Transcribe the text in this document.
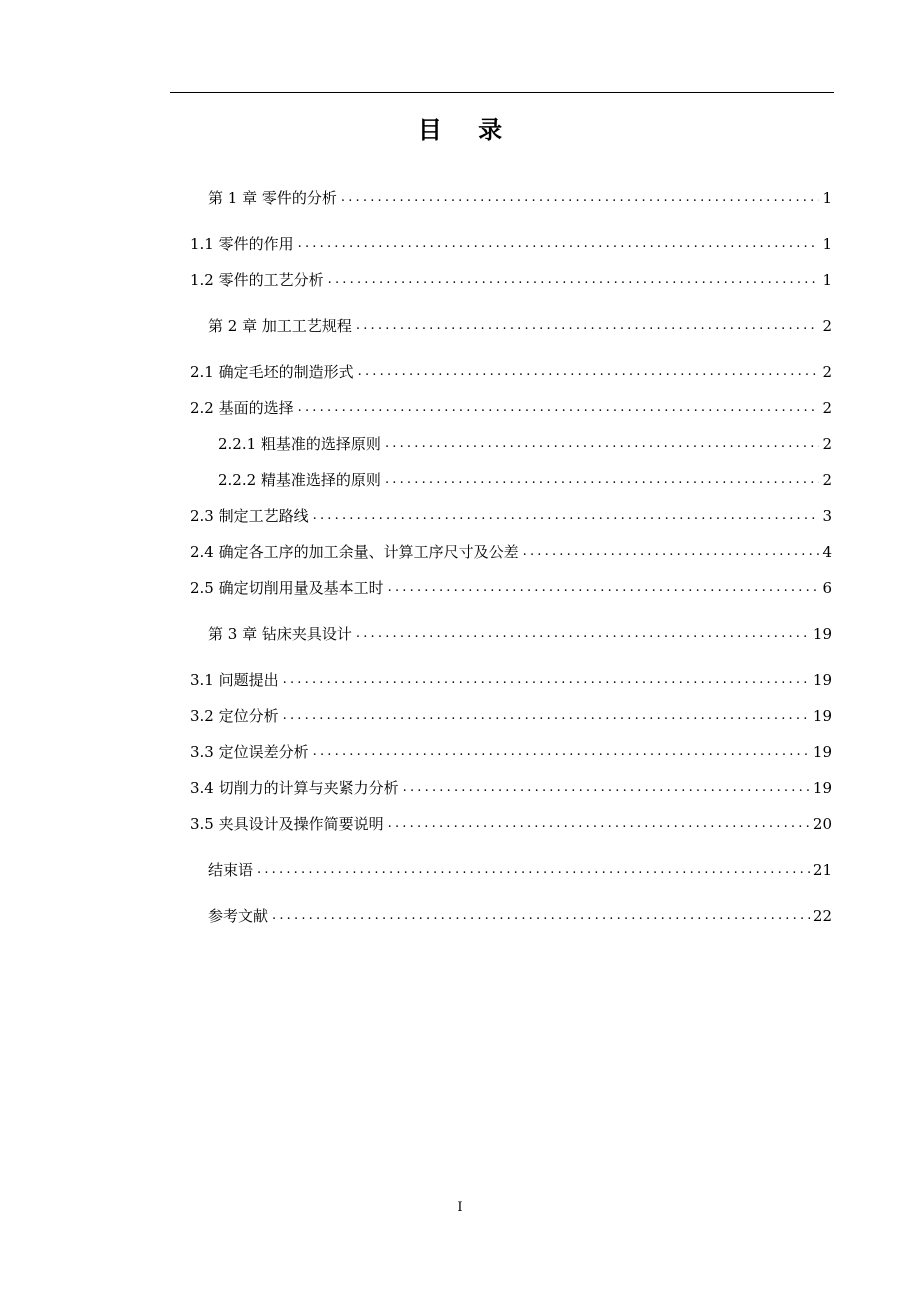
目 录
第 1 章 零件的分析 .....	1
1.1 零件的作用 .....	1
1.2 零件的工艺分析 .....	1
第 2 章 加工工艺规程 .....	2
2.1 确定毛坯的制造形式 .....	2
2.2 基面的选择 .....	2
2.2.1 粗基准的选择原则 .....	2
2.2.2 精基准选择的原则 .....	2
2.3 制定工艺路线 .....	3
2.4 确定各工序的加工余量、计算工序尺寸及公差 .....	4
2.5 确定切削用量及基本工时 .....	6
第 3 章 钻床夹具设计 .....	19
3.1 问题提出 .....	19
3.2 定位分析 .....	19
3.3 定位误差分析 .....	19
3.4 切削力的计算与夹紧力分析 .....	19
3.5 夹具设计及操作简要说明 .....	20
结束语 .....	21
参考文献 .....	22
I
